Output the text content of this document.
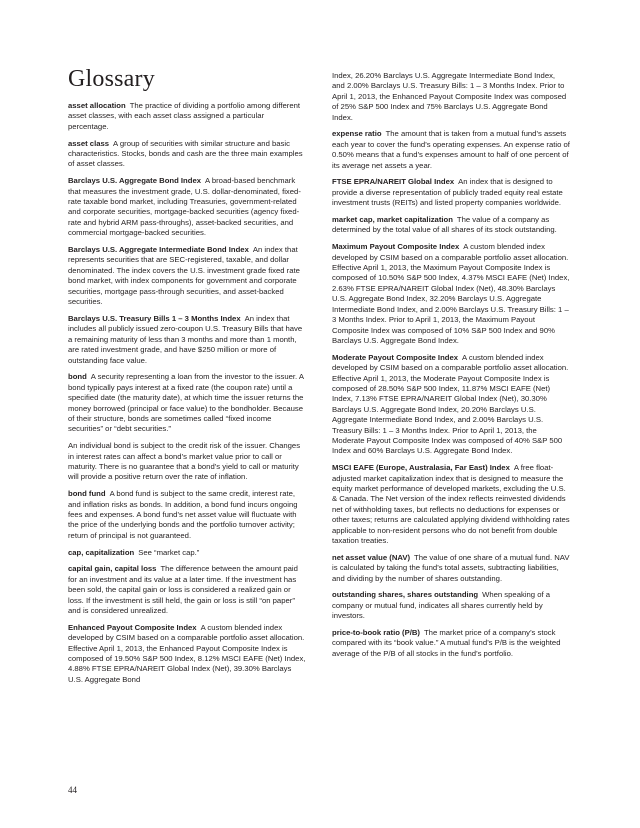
Glossary

asset allocation The practice of dividing a portfolio among different asset classes, with each asset class assigned a particular percentage.

asset class A group of securities with similar structure and basic characteristics. Stocks, bonds and cash are the three main examples of asset classes.

Barclays U.S. Aggregate Bond Index A broad-based benchmark that measures the investment grade, U.S. dollar-denominated, fixed-rate taxable bond market, including Treasuries, government-related and corporate securities, mortgage-backed securities (agency fixed-rate and hybrid ARM pass-throughs), asset-backed securities, and commercial mortgage-backed securities.

Barclays U.S. Aggregate Intermediate Bond Index An index that represents securities that are SEC-registered, taxable, and dollar denominated. The index covers the U.S. investment grade fixed rate bond market, with index components for government and corporate securities, mortgage pass-through securities, and asset-backed securities.

Barclays U.S. Treasury Bills 1 – 3 Months Index An index that includes all publicly issued zero-coupon U.S. Treasury Bills that have a remaining maturity of less than 3 months and more than 1 month, are rated investment grade, and have $250 million or more of outstanding face value.

bond A security representing a loan from the investor to the issuer. A bond typically pays interest at a fixed rate (the coupon rate) until a specified date (the maturity date), at which time the issuer returns the money borrowed (principal or face value) to the bondholder. Because of their structure, bonds are sometimes called “fixed income securities” or “debt securities.”

An individual bond is subject to the credit risk of the issuer. Changes in interest rates can affect a bond’s market value prior to call or maturity. There is no guarantee that a bond’s yield to call or maturity will provide a positive return over the rate of inflation.

bond fund A bond fund is subject to the same credit, interest rate, and inflation risks as bonds. In addition, a bond fund incurs ongoing fees and expenses. A bond fund’s net asset value will fluctuate with the price of the underlying bonds and the portfolio turnover activity; return of principal is not guaranteed.

cap, capitalization See “market cap.”

capital gain, capital loss The difference between the amount paid for an investment and its value at a later time. If the investment has been sold, the capital gain or loss is considered a realized gain or loss. If the investment is still held, the gain or loss is still “on paper” and is considered unrealized.

Enhanced Payout Composite Index A custom blended index developed by CSIM based on a comparable portfolio asset allocation. Effective April 1, 2013, the Enhanced Payout Composite Index is composed of 19.50% S&P 500 Index, 8.12% MSCI EAFE (Net) Index, 4.88% FTSE EPRA/NAREIT Global Index (Net), 39.30% Barclays U.S. Aggregate Bond

Index, 26.20% Barclays U.S. Aggregate Intermediate Bond Index, and 2.00% Barclays U.S. Treasury Bills: 1 – 3 Months Index. Prior to April 1, 2013, the Enhanced Payout Composite Index was composed of 25% S&P 500 Index and 75% Barclays U.S. Aggregate Bond Index.

expense ratio The amount that is taken from a mutual fund’s assets each year to cover the fund’s operating expenses. An expense ratio of 0.50% means that a fund’s expenses amount to half of one percent of its average net assets a year.

FTSE EPRA/NAREIT Global Index An index that is designed to provide a diverse representation of publicly traded equity real estate investment trusts (REITs) and listed property companies worldwide.

market cap, market capitalization The value of a company as determined by the total value of all shares of its stock outstanding.

Maximum Payout Composite Index A custom blended index developed by CSIM based on a comparable portfolio asset allocation. Effective April 1, 2013, the Maximum Payout Composite Index is composed of 10.50% S&P 500 Index, 4.37% MSCI EAFE (Net) Index, 2.63% FTSE EPRA/NAREIT Global Index (Net), 48.30% Barclays U.S. Aggregate Bond Index, 32.20% Barclays U.S. Aggregate Intermediate Bond Index, and 2.00% Barclays U.S. Treasury Bills: 1 – 3 Months Index. Prior to April 1, 2013, the Maximum Payout Composite Index was composed of 10% S&P 500 Index and 90% Barclays U.S. Aggregate Bond Index.

Moderate Payout Composite Index A custom blended index developed by CSIM based on a comparable portfolio asset allocation. Effective April 1, 2013, the Moderate Payout Composite Index is composed of 28.50% S&P 500 Index, 11.87% MSCI EAFE (Net) Index, 7.13% FTSE EPRA/NAREIT Global Index (Net), 30.30% Barclays U.S. Aggregate Bond Index, 20.20% Barclays U.S. Aggregate Intermediate Bond Index, and 2.00% Barclays U.S. Treasury Bills: 1 – 3 Months Index. Prior to April 1, 2013, the Moderate Payout Composite Index was composed of 40% S&P 500 Index and 60% Barclays U.S. Aggregate Bond Index.

MSCI EAFE (Europe, Australasia, Far East) Index A free float-adjusted market capitalization index that is designed to measure the equity market performance of developed markets, excluding the U.S. & Canada. The Net version of the index reflects reinvested dividends net of withholding taxes, but reflects no deductions for expenses or other taxes; returns are calculated applying dividend withholding rates applicable to non-resident persons who do not benefit from double taxation treaties.

net asset value (NAV) The value of one share of a mutual fund. NAV is calculated by taking the fund’s total assets, subtracting liabilities, and dividing by the number of shares outstanding.

outstanding shares, shares outstanding When speaking of a company or mutual fund, indicates all shares currently held by investors.

price-to-book ratio (P/B) The market price of a company’s stock compared with its “book value.” A mutual fund’s P/B is the weighted average of the P/B of all stocks in the fund’s portfolio.

44
